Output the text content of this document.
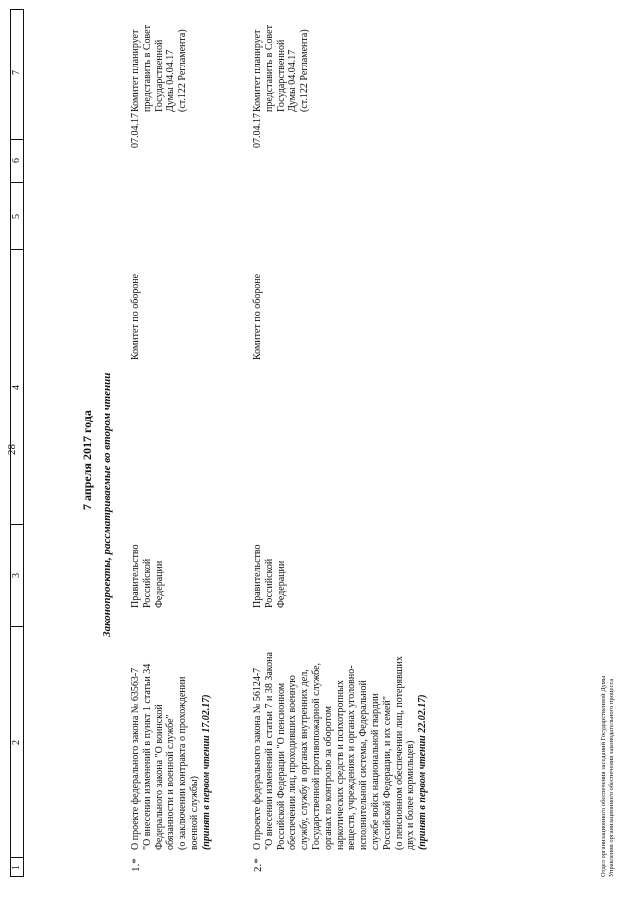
28
1
2
3
4
5
6
7
7 апреля 2017 года Законопроекты, рассматриваемые во втором чтении
1.*
О проекте федерального закона № 63563-7 "О внесении изменений в пункт 1 статьи 34 Федерального закона "О воинской обязанности и военной службе" (о заключении контракта о прохождении военной службы) (принят в первом чтении 17.02.17)
Правительство Российской Федерации
Комитет по обороне
07.04.17
Комитет планирует представить в Совет Государственной Думы 04.04.17 (ст.122 Регламента)
2.*
О проекте федерального закона № 56124-7 "О внесении изменений в статьи 7 и 38 Закона Российской Федерации "О пенсионном обеспечении лиц, проходивших военную службу, службу в органах внутренних дел, Государственной противопожарной службе, органах по контролю за оборотом наркотических средств и психотропных веществ, учреждениях и органах уголовно- исполнительной системы, Федеральной службе войск национальной гвардии Российской Федерации, и их семей" (о пенсионном обеспечении лиц, потерявших двух и более кормильцев) (принят в первом чтении 22.02.17)
Правительство Российской Федерации
Комитет по обороне
07.04.17
Комитет планирует представить в Совет Государственной Думы 04.04.17 (ст.122 Регламента)
Отдел организационного обеспечения заседаний Государственной Думы Управления организационного обеспечения законодательного процесса
